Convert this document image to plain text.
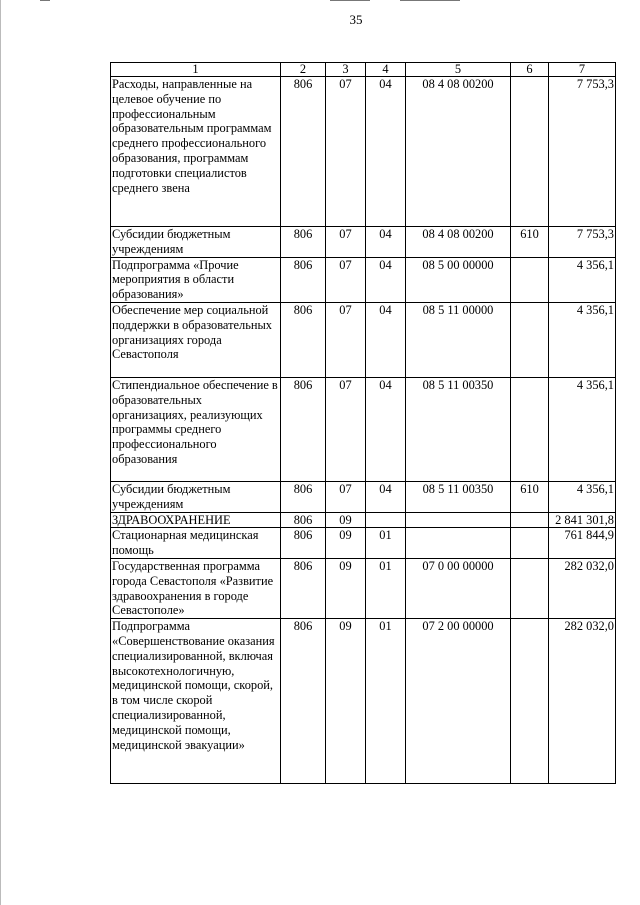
35
1	2	3	4	5	6	7
Расходы, направленные на целевое обучение по профессиональным образовательным программам среднего профессионального образования, программам подготовки специалистов среднего звена	806	07	04	08 4 08 00200		7 753,3
Субсидии бюджетным учреждениям	806	07	04	08 4 08 00200	610	7 753,3
Подпрограмма «Прочие мероприятия в области образования»	806	07	04	08 5 00 00000		4 356,1
Обеспечение мер социальной поддержки в образовательных организациях города Севастополя	806	07	04	08 5 11 00000		4 356,1
Стипендиальное обеспечение в образовательных организациях, реализующих программы среднего профессионального образования	806	07	04	08 5 11 00350		4 356,1
Субсидии бюджетным учреждениям	806	07	04	08 5 11 00350	610	4 356,1
ЗДРАВООХРАНЕНИЕ	806	09				2 841 301,8
Стационарная медицинская помощь	806	09	01			761 844,9
Государственная программа города Севастополя «Развитие здравоохранения в городе Севастополе»	806	09	01	07 0 00 00000		282 032,0
Подпрограмма «Совершенствование оказания специализированной, включая высокотехнологичную, медицинской помощи, скорой, в том числе скорой специализированной, медицинской помощи, медицинской эвакуации»	806	09	01	07 2 00 00000		282 032,0
